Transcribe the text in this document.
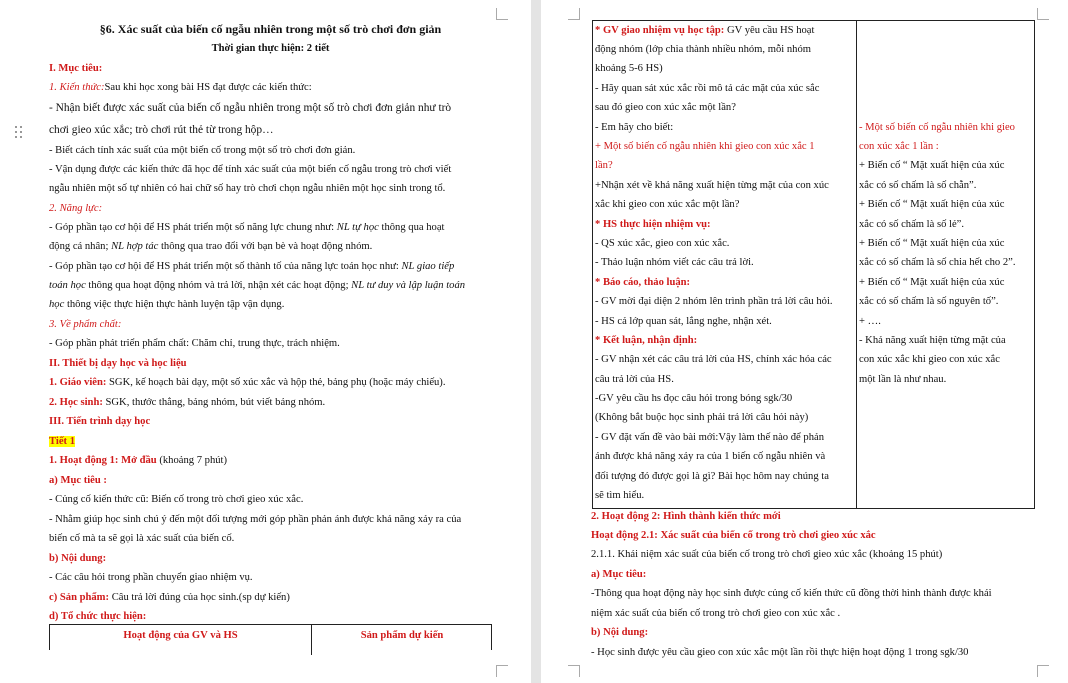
§6. Xác suất của biến cố ngẫu nhiên trong một số trò chơi đơn giản
Thời gian thực hiện: 2 tiết
I. Mục tiêu:
1. Kiến thức:Sau khi học xong bài HS đạt được các kiến thức:
- Nhận biết được xác suất của biến cố ngẫu nhiên trong một số trò chơi đơn giản như trò
chơi gieo xúc xắc; trò chơi rút thẻ từ trong hộp…
- Biết cách tính xác suất của một biến cố trong một số trò chơi đơn giản.
- Vận dụng được các kiến thức đã học để tính xác suất của một biến cố ngẫu trong trò chơi viết
ngẫu nhiên một số tự nhiên có hai chữ số hay trò chơi chọn ngẫu nhiên một học sinh trong tổ.
2. Năng lực:
- Góp phần tạo cơ hội để HS phát triển một số năng lực chung như: NL tự học thông qua hoạt
động cá nhân; NL hợp tác thông qua trao đổi với bạn bè và hoạt động nhóm.
- Góp phần tạo cơ hội để HS phát triển một số thành tố của năng lực toán học như: NL giao tiếp
toán học thông qua hoạt động nhóm và trả lời, nhận xét các hoạt động; NL tư duy và lập luận toán
học thông việc thực hiện thực hành luyện tập vận dụng.
3. Về phẩm chất:
- Góp phần phát triển phẩm chất: Chăm chỉ, trung thực, trách nhiệm.
II. Thiết bị dạy học và học liệu
1. Giáo viên: SGK, kế hoạch bài dạy, một số xúc xắc và hộp thẻ, bảng phụ (hoặc máy chiếu).
2. Học sinh: SGK, thước thẳng, bảng nhóm, bút viết bảng nhóm.
III. Tiến trình dạy học
Tiết 1
1. Hoạt động 1: Mở đầu (khoảng 7 phút)
a) Mục tiêu :
- Củng cố kiến thức cũ: Biến cố trong trò chơi gieo xúc xắc.
- Nhằm giúp học sinh chú ý đến một đối tượng mới góp phần phản ánh được khả năng xảy ra của
biến cố mà ta sẽ gọi là xác suất của biến cố.
b) Nội dung:
- Các câu hỏi trong phần chuyển giao nhiệm vụ.
c) Sản phẩm: Câu trả lời đúng của học sinh.(sp dự kiến)
d) Tổ chức thực hiện:
Hoạt động của GV và HS	Sản phẩm dự kiến
* GV giao nhiệm vụ học tập: GV yêu cầu HS hoạt
động nhóm (lớp chia thành nhiều nhóm, mỗi nhóm
khoảng 5-6 HS)
- Hãy quan sát xúc xắc rồi mô tả các mặt của xúc sắc
sau đó gieo con xúc xắc một lần?
- Em hãy cho biết:
+ Một số biến cố ngẫu nhiên khi gieo con xúc xắc 1
lần?
+Nhận xét về khả năng xuất hiện từng mặt của con xúc
xắc khi gieo con xúc xắc một lần?
* HS thực hiện nhiệm vụ:
- QS xúc xắc, gieo con xúc xắc.
- Thảo luận nhóm viết các câu trả lời.
* Báo cáo, thảo luận:
- GV mời đại diện 2 nhóm lên trình phần trả lời câu hỏi.
- HS cả lớp quan sát, lắng nghe, nhận xét.
* Kết luận, nhận định:
- GV nhận xét các câu trả lời của HS, chính xác hóa các
câu trả lời của HS.
-GV yêu cầu hs đọc câu hỏi trong bóng sgk/30
(Không bắt buộc học sinh phải trả lời câu hỏi này)
- GV đặt vấn đề vào bài mới:Vậy làm thế nào để phản
ánh được khả năng xảy ra của 1 biến cố ngẫu nhiên và
đối tượng đó được gọi là gì? Bài học hôm nay chúng ta
sẽ tìm hiểu.
- Một số biến cố ngẫu nhiên khi gieo
con xúc xắc 1 lần :
+ Biến cố “ Mặt xuất hiện của xúc
xắc có số chấm là số chẵn”.
+ Biến cố “ Mặt xuất hiện của xúc
xắc có số chấm là số lẻ”.
+ Biến cố “ Mặt xuất hiện của xúc
xắc có số chấm là số chia hết cho 2”.
+ Biến cố “ Mặt xuất hiện của xúc
xắc có số chấm là số nguyên tố”.
+ ….
- Khả năng xuất hiện từng mặt của
con xúc xắc khi gieo con xúc xắc
một lần là như nhau.
2. Hoạt động 2: Hình thành kiến thức mới
Hoạt động 2.1: Xác suất của biến cố trong trò chơi gieo xúc xắc
2.1.1. Khái niệm xác suất của biến cố trong trò chơi gieo xúc xắc (khoảng 15 phút)
a) Mục tiêu:
-Thông qua hoạt động này học sinh được củng cố kiến thức cũ đồng thời hình thành được khái
niệm xác suất của biến cố trong trò chơi gieo con xúc xắc .
b) Nội dung:
- Học sinh được yêu cầu gieo con xúc xắc một lần rồi thực hiện hoạt động 1 trong sgk/30
